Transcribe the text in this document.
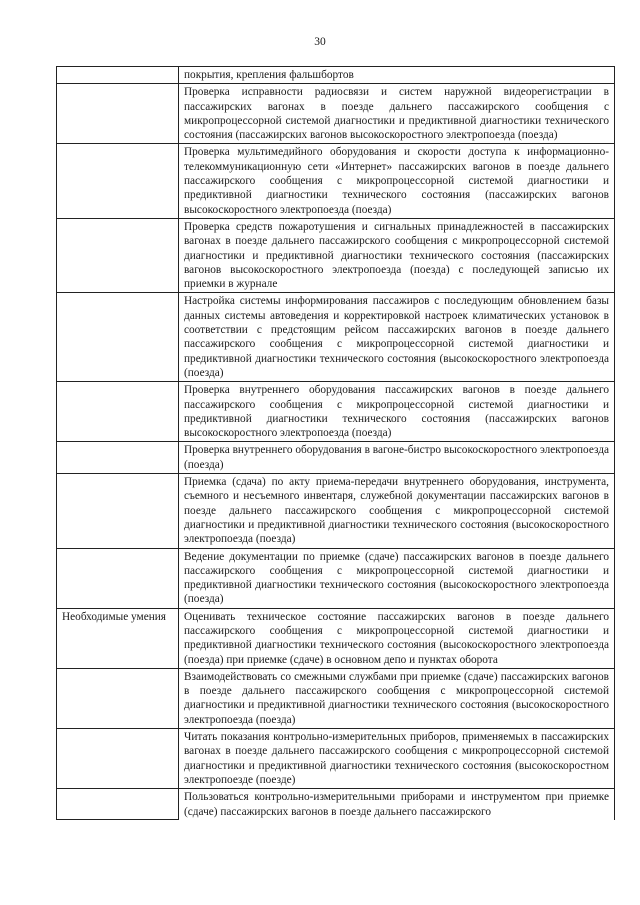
30
	покрытия, крепления фальшбортов
	Проверка исправности радиосвязи и систем наружной видеорегистрации в пассажирских вагонах в поезде дальнего пассажирского сообщения с микропроцессорной системой диагностики и предиктивной диагностики технического состояния (пассажирских вагонов высокоскоростного электропоезда (поезда)
	Проверка мультимедийного оборудования и скорости доступа к информационно-телекоммуникационную сети «Интернет» пассажирских вагонов в поезде дальнего пассажирского сообщения с микропроцессорной системой диагностики и предиктивной диагностики технического состояния (пассажирских вагонов высокоскоростного электропоезда (поезда)
	Проверка средств пожаротушения и сигнальных принадлежностей в пассажирских вагонах в поезде дальнего пассажирского сообщения с микропроцессорной системой диагностики и предиктивной диагностики технического состояния (пассажирских вагонов высокоскоростного электропоезда (поезда) с последующей записью их приемки в журнале
	Настройка системы информирования пассажиров с последующим обновлением базы данных системы автоведения и корректировкой настроек климатических установок в соответствии с предстоящим рейсом пассажирских вагонов в поезде дальнего пассажирского сообщения с микропроцессорной системой диагностики и предиктивной диагностики технического состояния (высокоскоростного электропоезда (поезда)
	Проверка внутреннего оборудования пассажирских вагонов в поезде дальнего пассажирского сообщения с микропроцессорной системой диагностики и предиктивной диагностики технического состояния (пассажирских вагонов высокоскоростного электропоезда (поезда)
	Проверка внутреннего оборудования в вагоне-бистро высокоскоростного электропоезда (поезда)
	Приемка (сдача) по акту приема-передачи внутреннего оборудования, инструмента, съемного и несъемного инвентаря, служебной документации пассажирских вагонов в поезде дальнего пассажирского сообщения с микропроцессорной системой диагностики и предиктивной диагностики технического состояния (высокоскоростного электропоезда (поезда)
	Ведение документации по приемке (сдаче) пассажирских вагонов в поезде дальнего пассажирского сообщения с микропроцессорной системой диагностики и предиктивной диагностики технического состояния (высокоскоростного электропоезда (поезда)
Необходимые умения	Оценивать техническое состояние пассажирских вагонов в поезде дальнего пассажирского сообщения с микропроцессорной системой диагностики и предиктивной диагностики технического состояния (высокоскоростного электропоезда (поезда) при приемке (сдаче) в основном депо и пунктах оборота
	Взаимодействовать со смежными службами при приемке (сдаче) пассажирских вагонов в поезде дальнего пассажирского сообщения с микропроцессорной системой диагностики и предиктивной диагностики технического состояния (высокоскоростного электропоезда (поезда)
	Читать показания контрольно-измерительных приборов, применяемых в пассажирских вагонах в поезде дальнего пассажирского сообщения с микропроцессорной системой диагностики и предиктивной диагностики технического состояния (высокоскоростном электропоезде (поезде)
	Пользоваться контрольно-измерительными приборами и инструментом при приемке (сдаче) пассажирских вагонов в поезде дальнего пассажирского
